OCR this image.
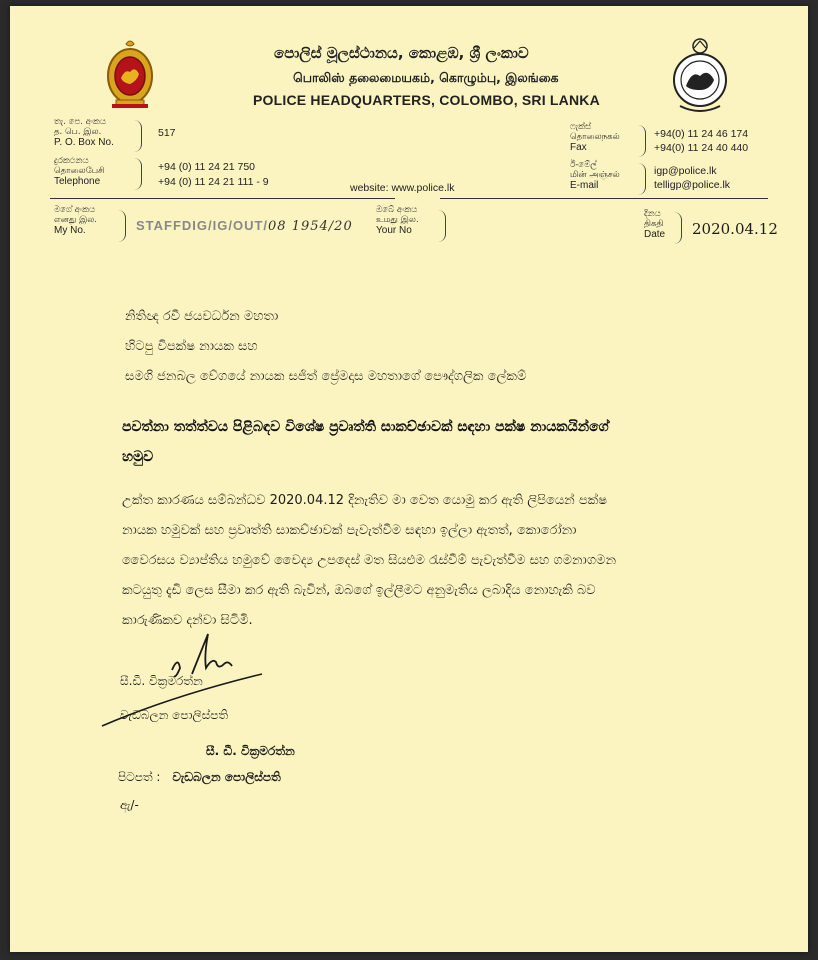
පොලිස් මූලස්ථානය, කොළඹ, ශ්‍රී ලංකාව
பொலிஸ் தலைமையகம், கொழும்பு, இலங்கை
POLICE HEADQUARTERS, COLOMBO, SRI LANKA
තැ. පෙ. අංකය
த. பெ. இல.
P. O. Box No.
517
දුරකථනය
தொலைபேசி
Telephone
+94 (0) 11 24 21 750
+94 (0) 11 24 21 111 - 9	website: www.police.lk
ෆැක්ස්
தொலைநகல்
Fax
+94(0) 11 24 46 174
+94(0) 11 24 40 440
ඊ-මේල්
மின் அஞ்சல்
E-mail
igp@police.lk
telligp@police.lk
මගේ අංකය
எனது இல.
My No.	STAFFDIG/IG/OUT/08 1954/20
ඔබේ අංකය
உமது இல.
Your No
දිනය
திகதி
Date 2020.04.12
නිතිඥ රවී ජයවර්ධන මහතා
හිටපු විපක්ෂ නායක සහ
සමගි ජනබල වේගයේ නායක සජිත් ප්‍රේමදාස මහතාගේ පෞද්ගලික ලේකම්
පවත්නා තත්ත්වය පිළිබඳව විශේෂ ප්‍රවෘත්ති සාකච්ඡාවක් සඳහා පක්ෂ නායකයින්ගේ
හමුව
උක්ත කාරණය සම්බන්ධව 2020.04.12 දිනැතිව මා වෙත යොමු කර ඇති ලිපියෙන් පක්ෂ
නායක හමුවක් සහ ප්‍රවෘත්ති සාකච්ඡාවක් පැවැත්වීම සඳහා ඉල්ලා ඇතත්, කොරෝනා
වෛරසය ව්‍යාප්තිය හමුවේ වෛද්‍ය උපදෙස් මත සියළුම රැස්වීම් පැවැත්වීම සහ ගමනාගමන
කටයුතු දැඩි ලෙස සීමා කර ඇති බැවින්, ඔබගේ ඉල්ලීමට අනුමැතිය ලබාදිය නොහැකි බව
කාරුණිකව දන්වා සිටිමි.
සී.ඩී. වික්‍රමරත්න
වැඩබලන පොලිස්පති
සී. ඩී. වික්‍රමරත්න
පිටපත් : වැඩබලන පොලිස්පති
ඇ/-
